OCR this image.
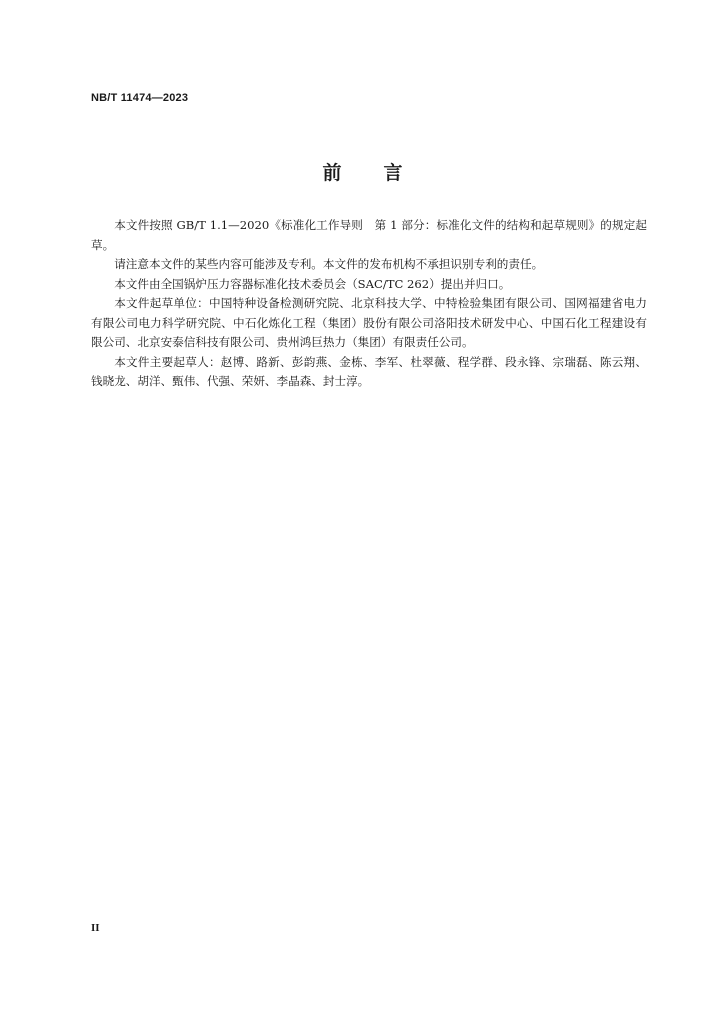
NB/T 11474—2023
前 言

本文件按照 GB/T 1.1—2020《标准化工作导则　第 1 部分：标准化文件的结构和起草规则》的规定起草。

请注意本文件的某些内容可能涉及专利。本文件的发布机构不承担识别专利的责任。

本文件由全国锅炉压力容器标准化技术委员会（SAC/TC 262）提出并归口。

本文件起草单位：中国特种设备检测研究院、北京科技大学、中特检验集团有限公司、国网福建省电力有限公司电力科学研究院、中石化炼化工程（集团）股份有限公司洛阳技术研发中心、中国石化工程建设有限公司、北京安泰信科技有限公司、贵州鸿巨热力（集团）有限责任公司。

本文件主要起草人：赵博、路新、彭韵燕、金栋、李军、杜翠薇、程学群、段永锋、宗瑞磊、陈云翔、钱晓龙、胡洋、甄伟、代强、荣妍、李晶森、封士淳。

II
